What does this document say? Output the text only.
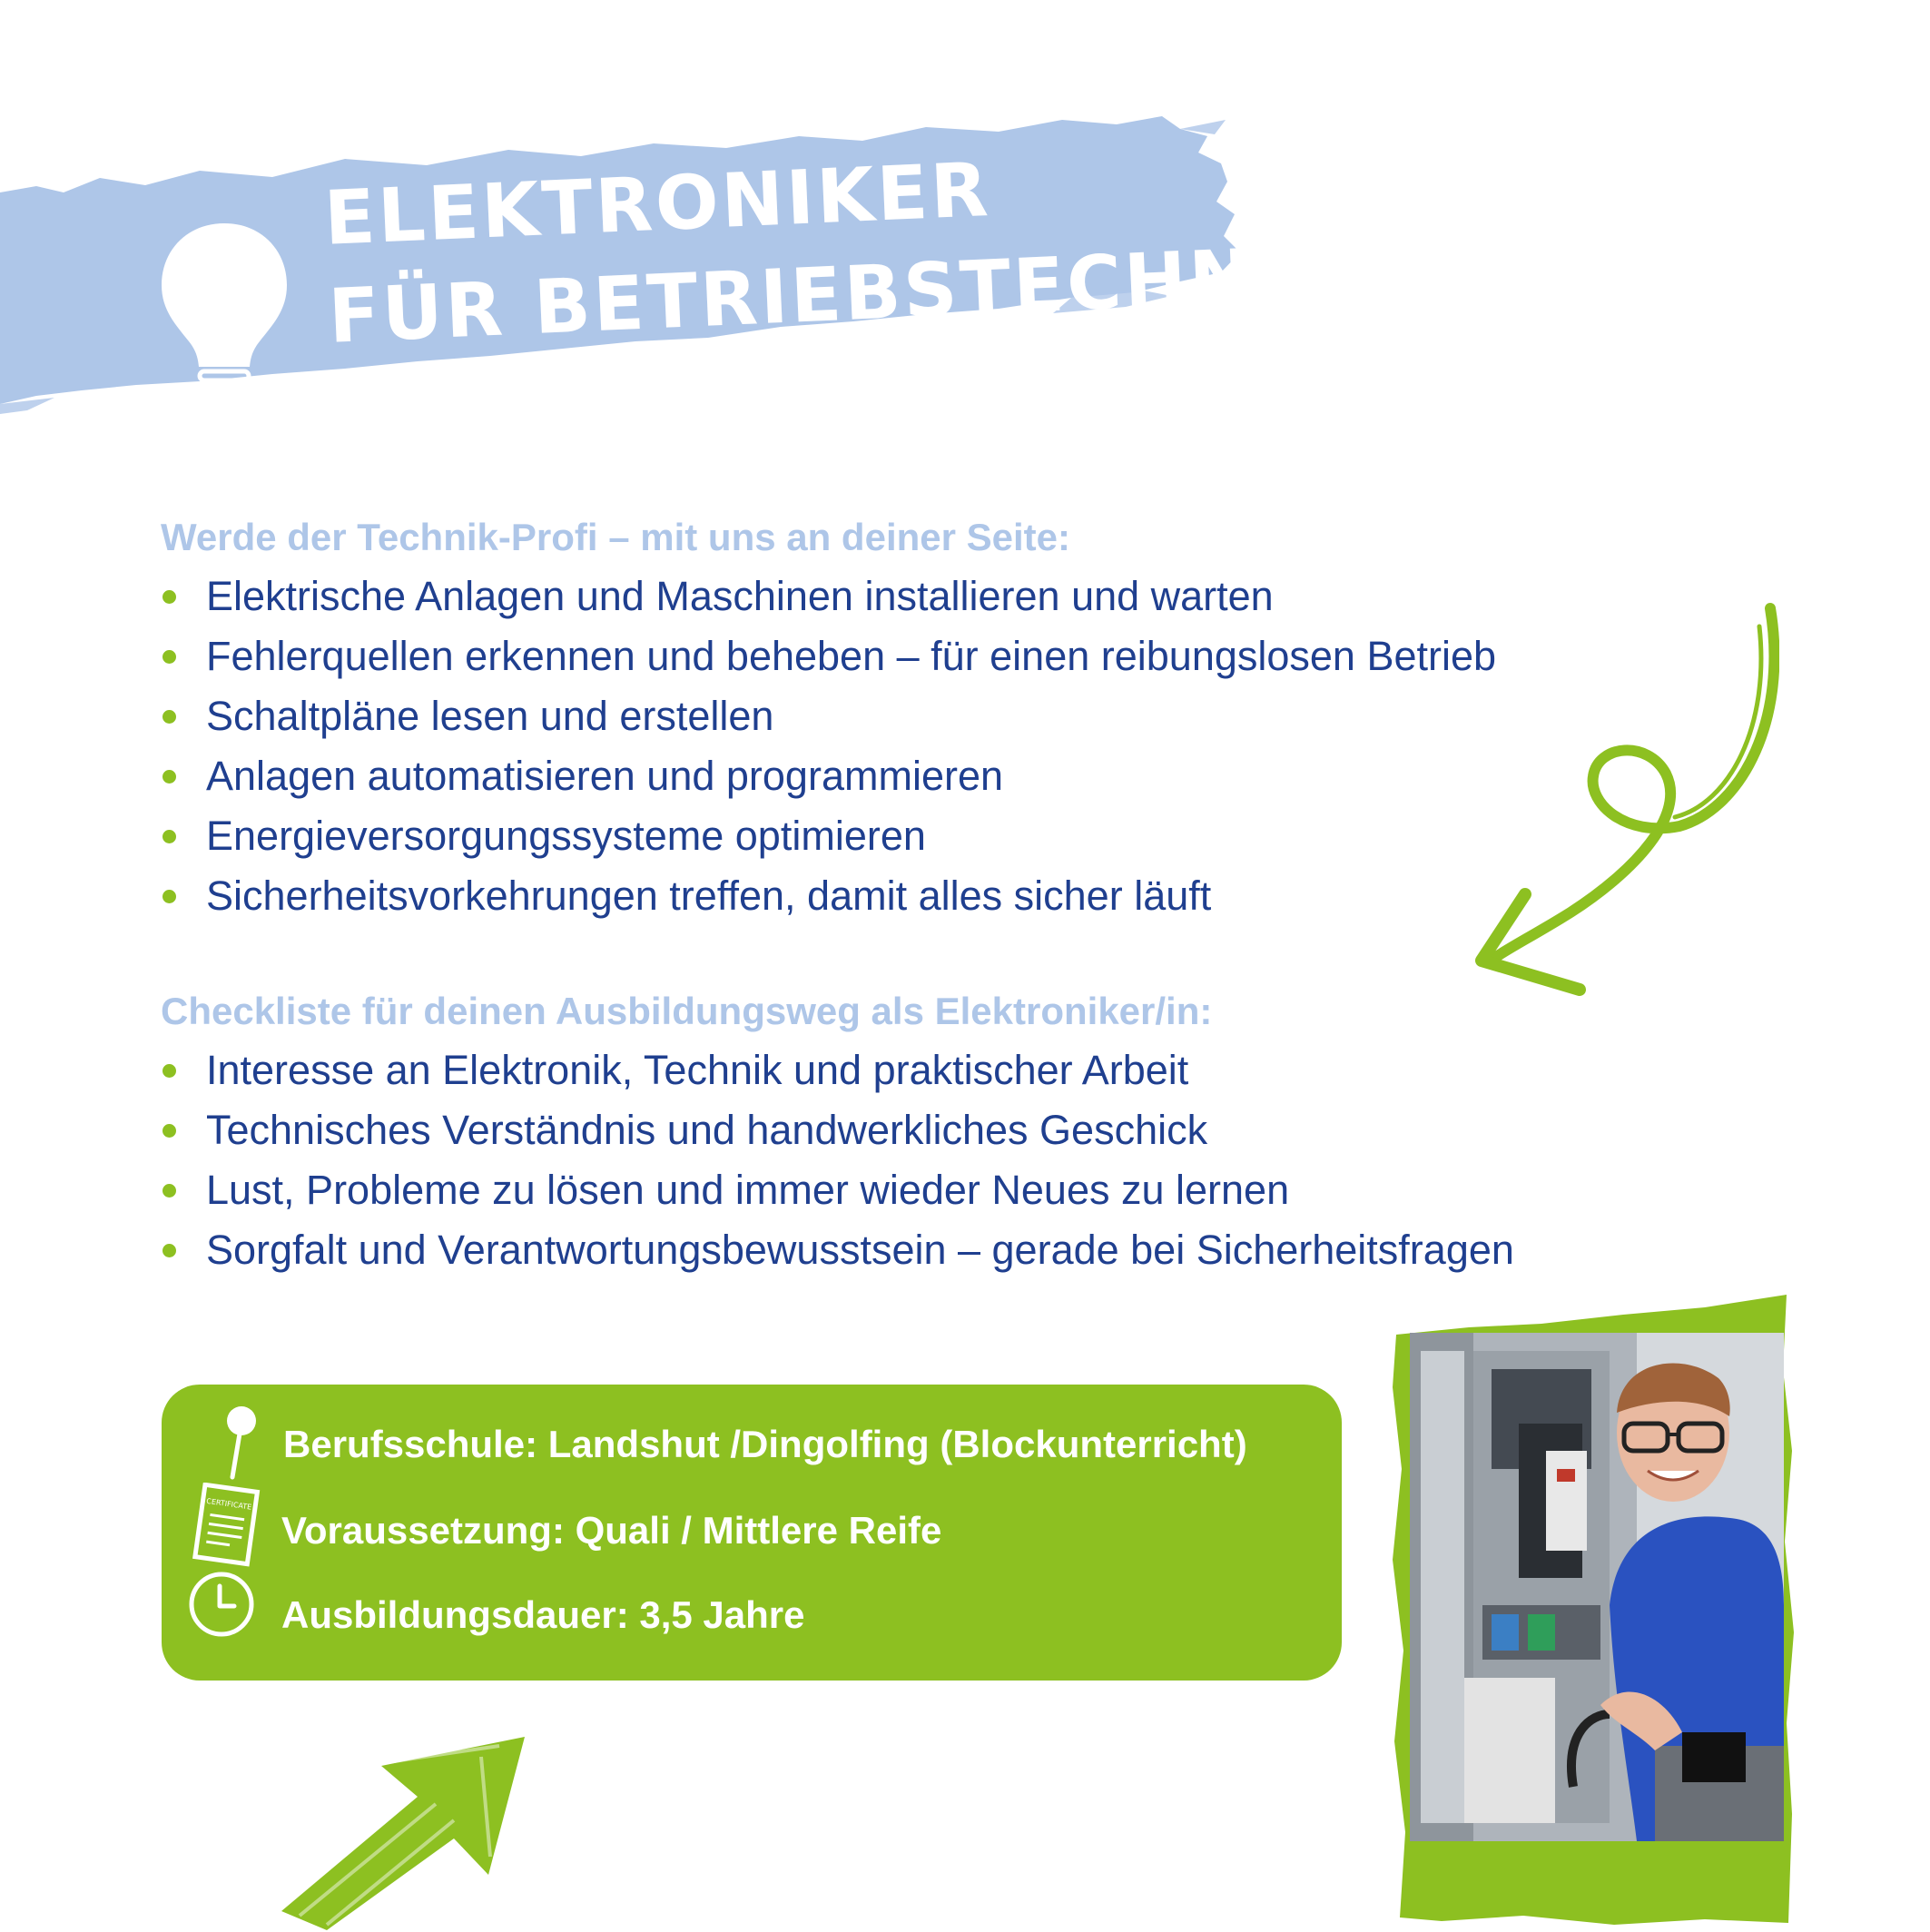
ELEKTRONIKER
FÜR BETRIEBSTECHNIK
Werde der Technik-Profi – mit uns an deiner Seite:
Elektrische Anlagen und Maschinen installieren und warten
Fehlerquellen erkennen und beheben – für einen reibungslosen Betrieb
Schaltpläne lesen und erstellen
Anlagen automatisieren und programmieren
Energieversorgungssysteme optimieren
Sicherheitsvorkehrungen treffen, damit alles sicher läuft
Checkliste für deinen Ausbildungsweg als Elektroniker/in:
Interesse an Elektronik, Technik und praktischer Arbeit
Technisches Verständnis und handwerkliches Geschick
Lust, Probleme zu lösen und immer wieder Neues zu lernen
Sorgfalt und Verantwortungsbewusstsein – gerade bei Sicherheitsfragen
Berufsschule: Landshut /Dingolfing (Blockunterricht)
CERTIFICATE
Voraussetzung: Quali / Mittlere Reife
Ausbildungsdauer: 3,5 Jahre
